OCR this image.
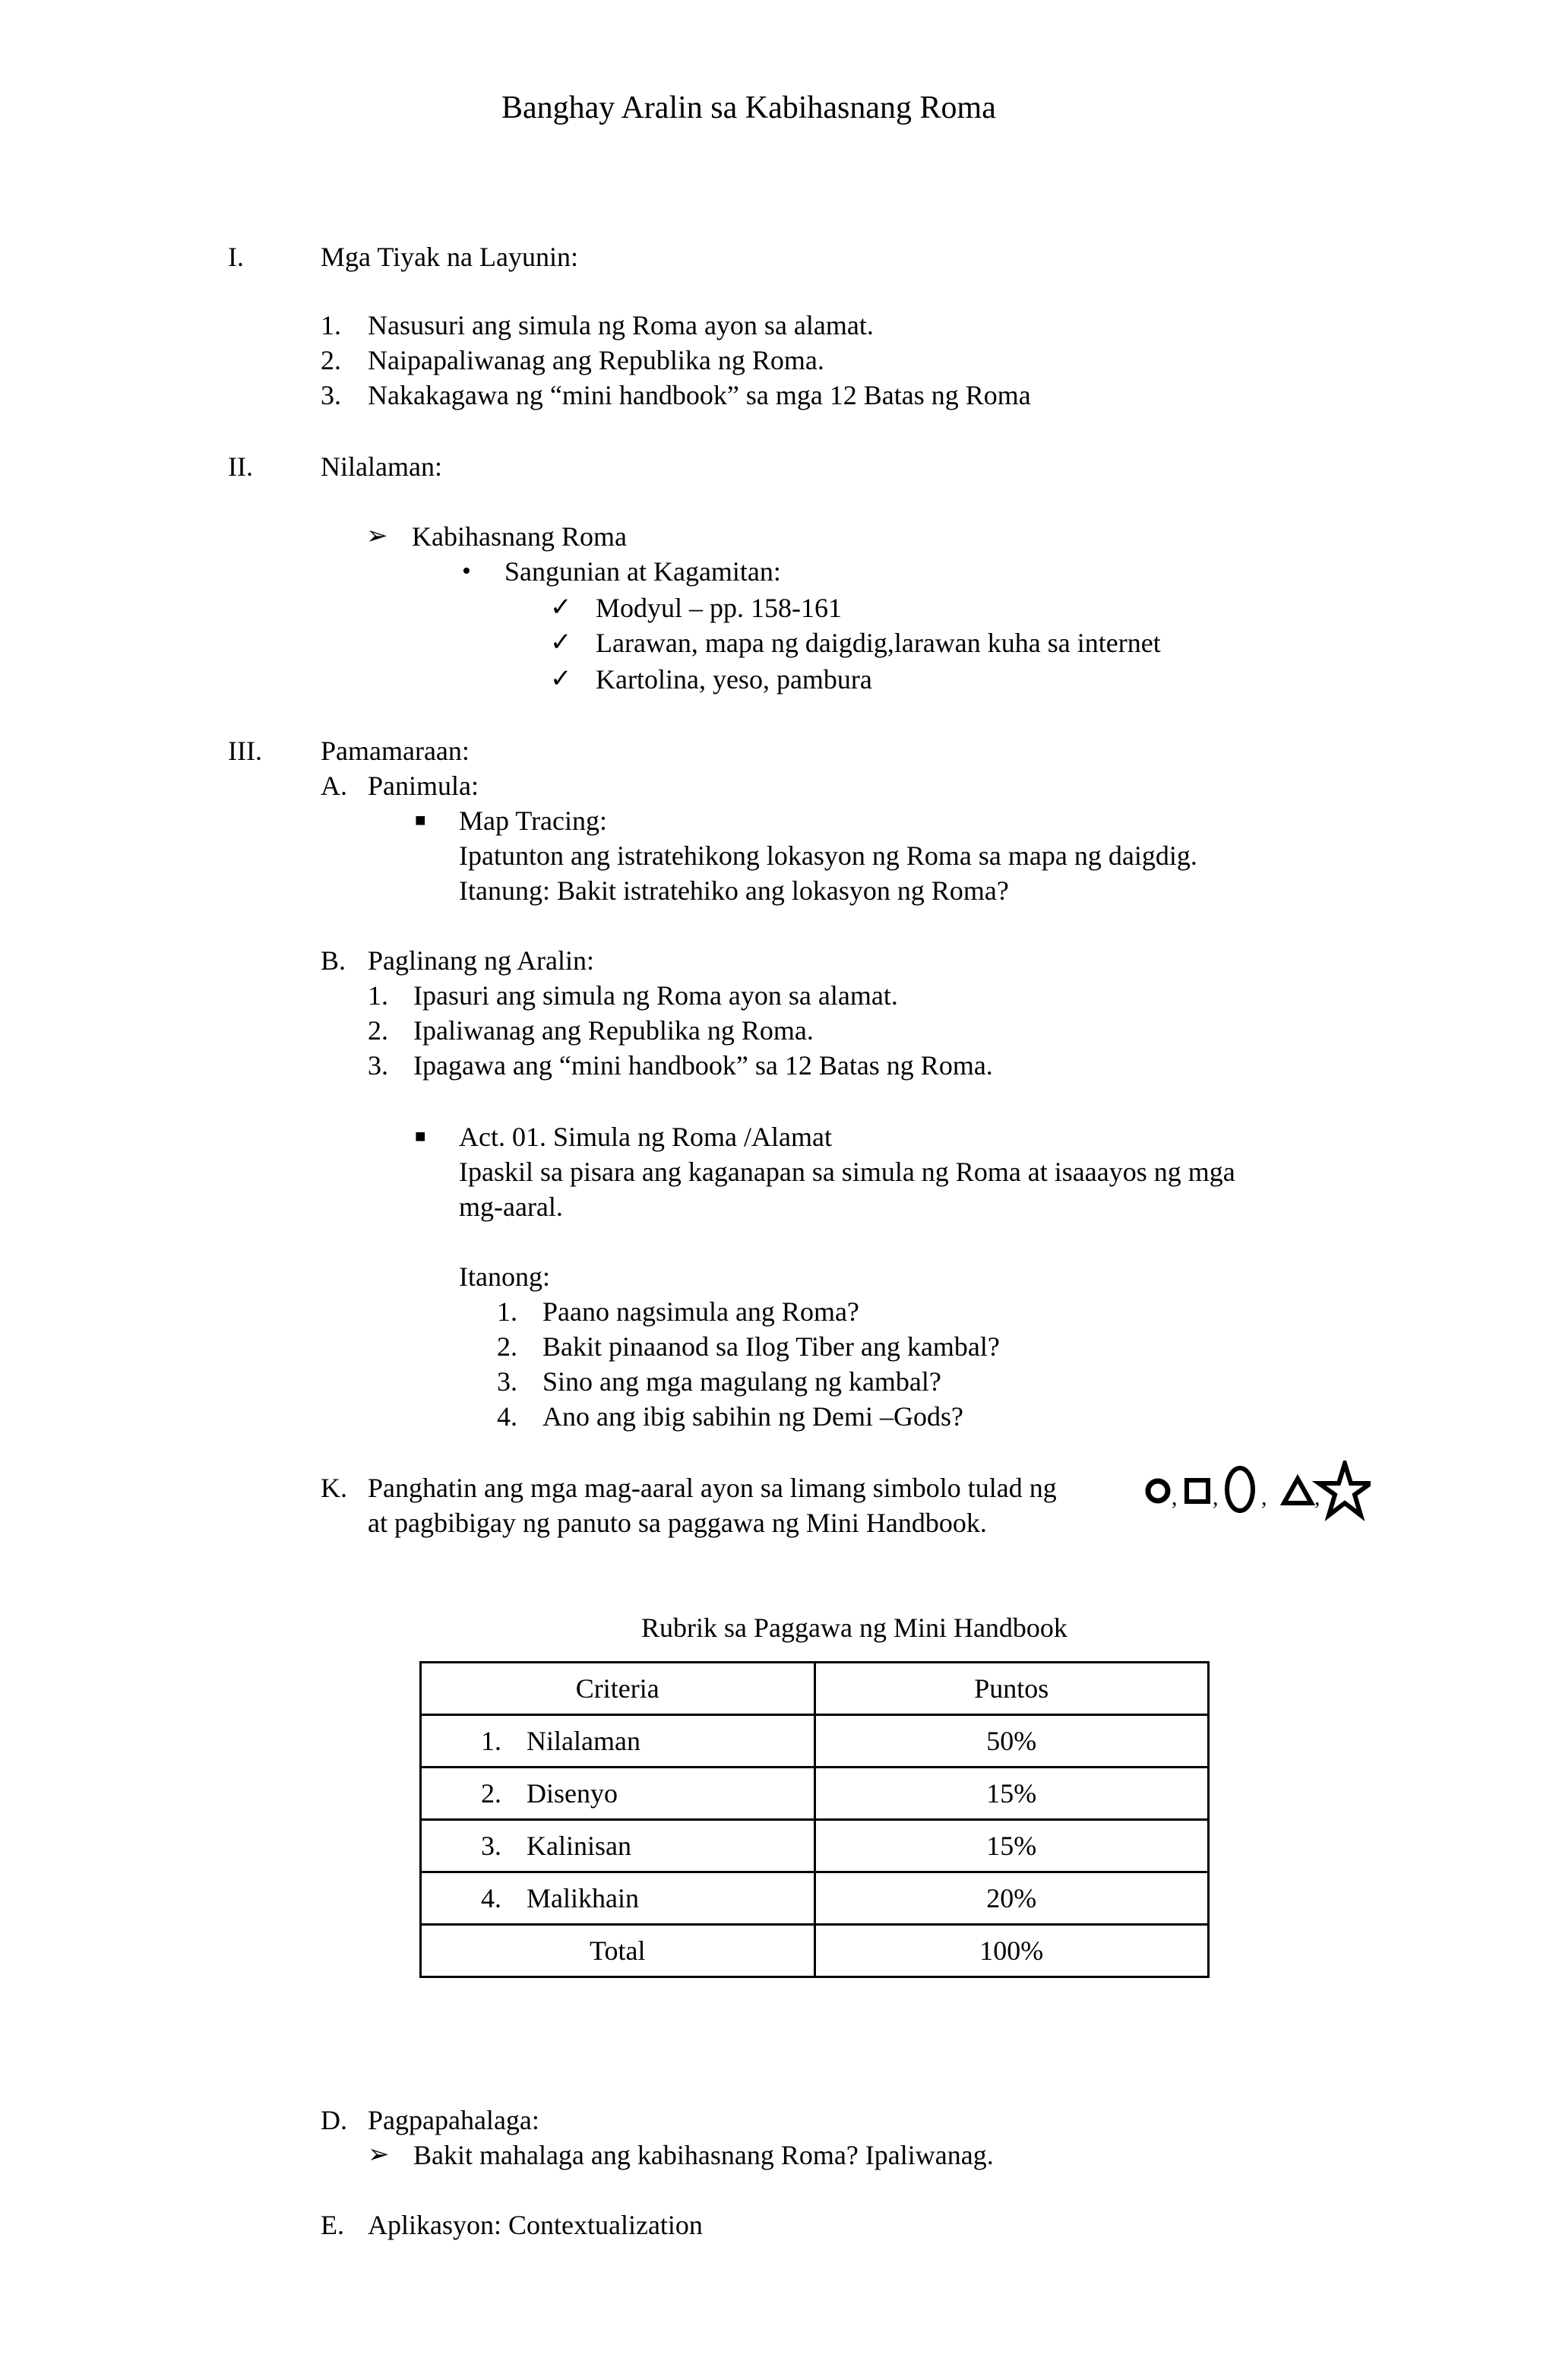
Banghay Aralin sa Kabihasnang Roma
I.	Mga Tiyak na Layunin:
1. Nasusuri ang simula ng Roma ayon sa alamat.
2. Naipapaliwanag ang Republika ng Roma.
3. Nakakagawa ng “mini handbook” sa mga 12 Batas ng Roma
II. Nilalaman:
➢ Kabihasnang Roma
• Sangunian at Kagamitan:
✓ Modyul – pp. 158-161
✓ Larawan, mapa ng daigdig,larawan kuha sa internet
✓ Kartolina, yeso, pambura
III. Pamamaraan:
A. Panimula:
■ Map Tracing:
Ipatunton ang istratehikong lokasyon ng Roma sa mapa ng daigdig.
Itanung: Bakit istratehiko ang lokasyon ng Roma?
B. Paglinang ng Aralin:
1. Ipasuri ang simula ng Roma ayon sa alamat.
2. Ipaliwanag ang Republika ng Roma.
3. Ipagawa ang “mini handbook” sa 12 Batas ng Roma.
■ Act. 01. Simula ng Roma /Alamat
Ipaskil sa pisara ang kaganapan sa simula ng Roma at isaaayos ng mga
mg-aaral.
Itanong:
1. Paano nagsimula ang Roma?
2. Bakit pinaanod sa Ilog Tiber ang kambal?
3. Sino ang mga magulang ng kambal?
4. Ano ang ibig sabihin ng Demi –Gods?
K. Panghatin ang mga mag-aaral ayon sa limang simbolo tulad ng
at pagbibigay ng panuto sa paggawa ng Mini Handbook.
, , , ,
Rubrik sa Paggawa ng Mini Handbook
Criteria	Puntos
1. Nilalaman	50%
2. Disenyo	15%
3. Kalinisan	15%
4. Malikhain	20%
Total	100%
D. Pagpapahalaga:
➢ Bakit mahalaga ang kabihasnang Roma? Ipaliwanag.
E. Aplikasyon: Contextualization
